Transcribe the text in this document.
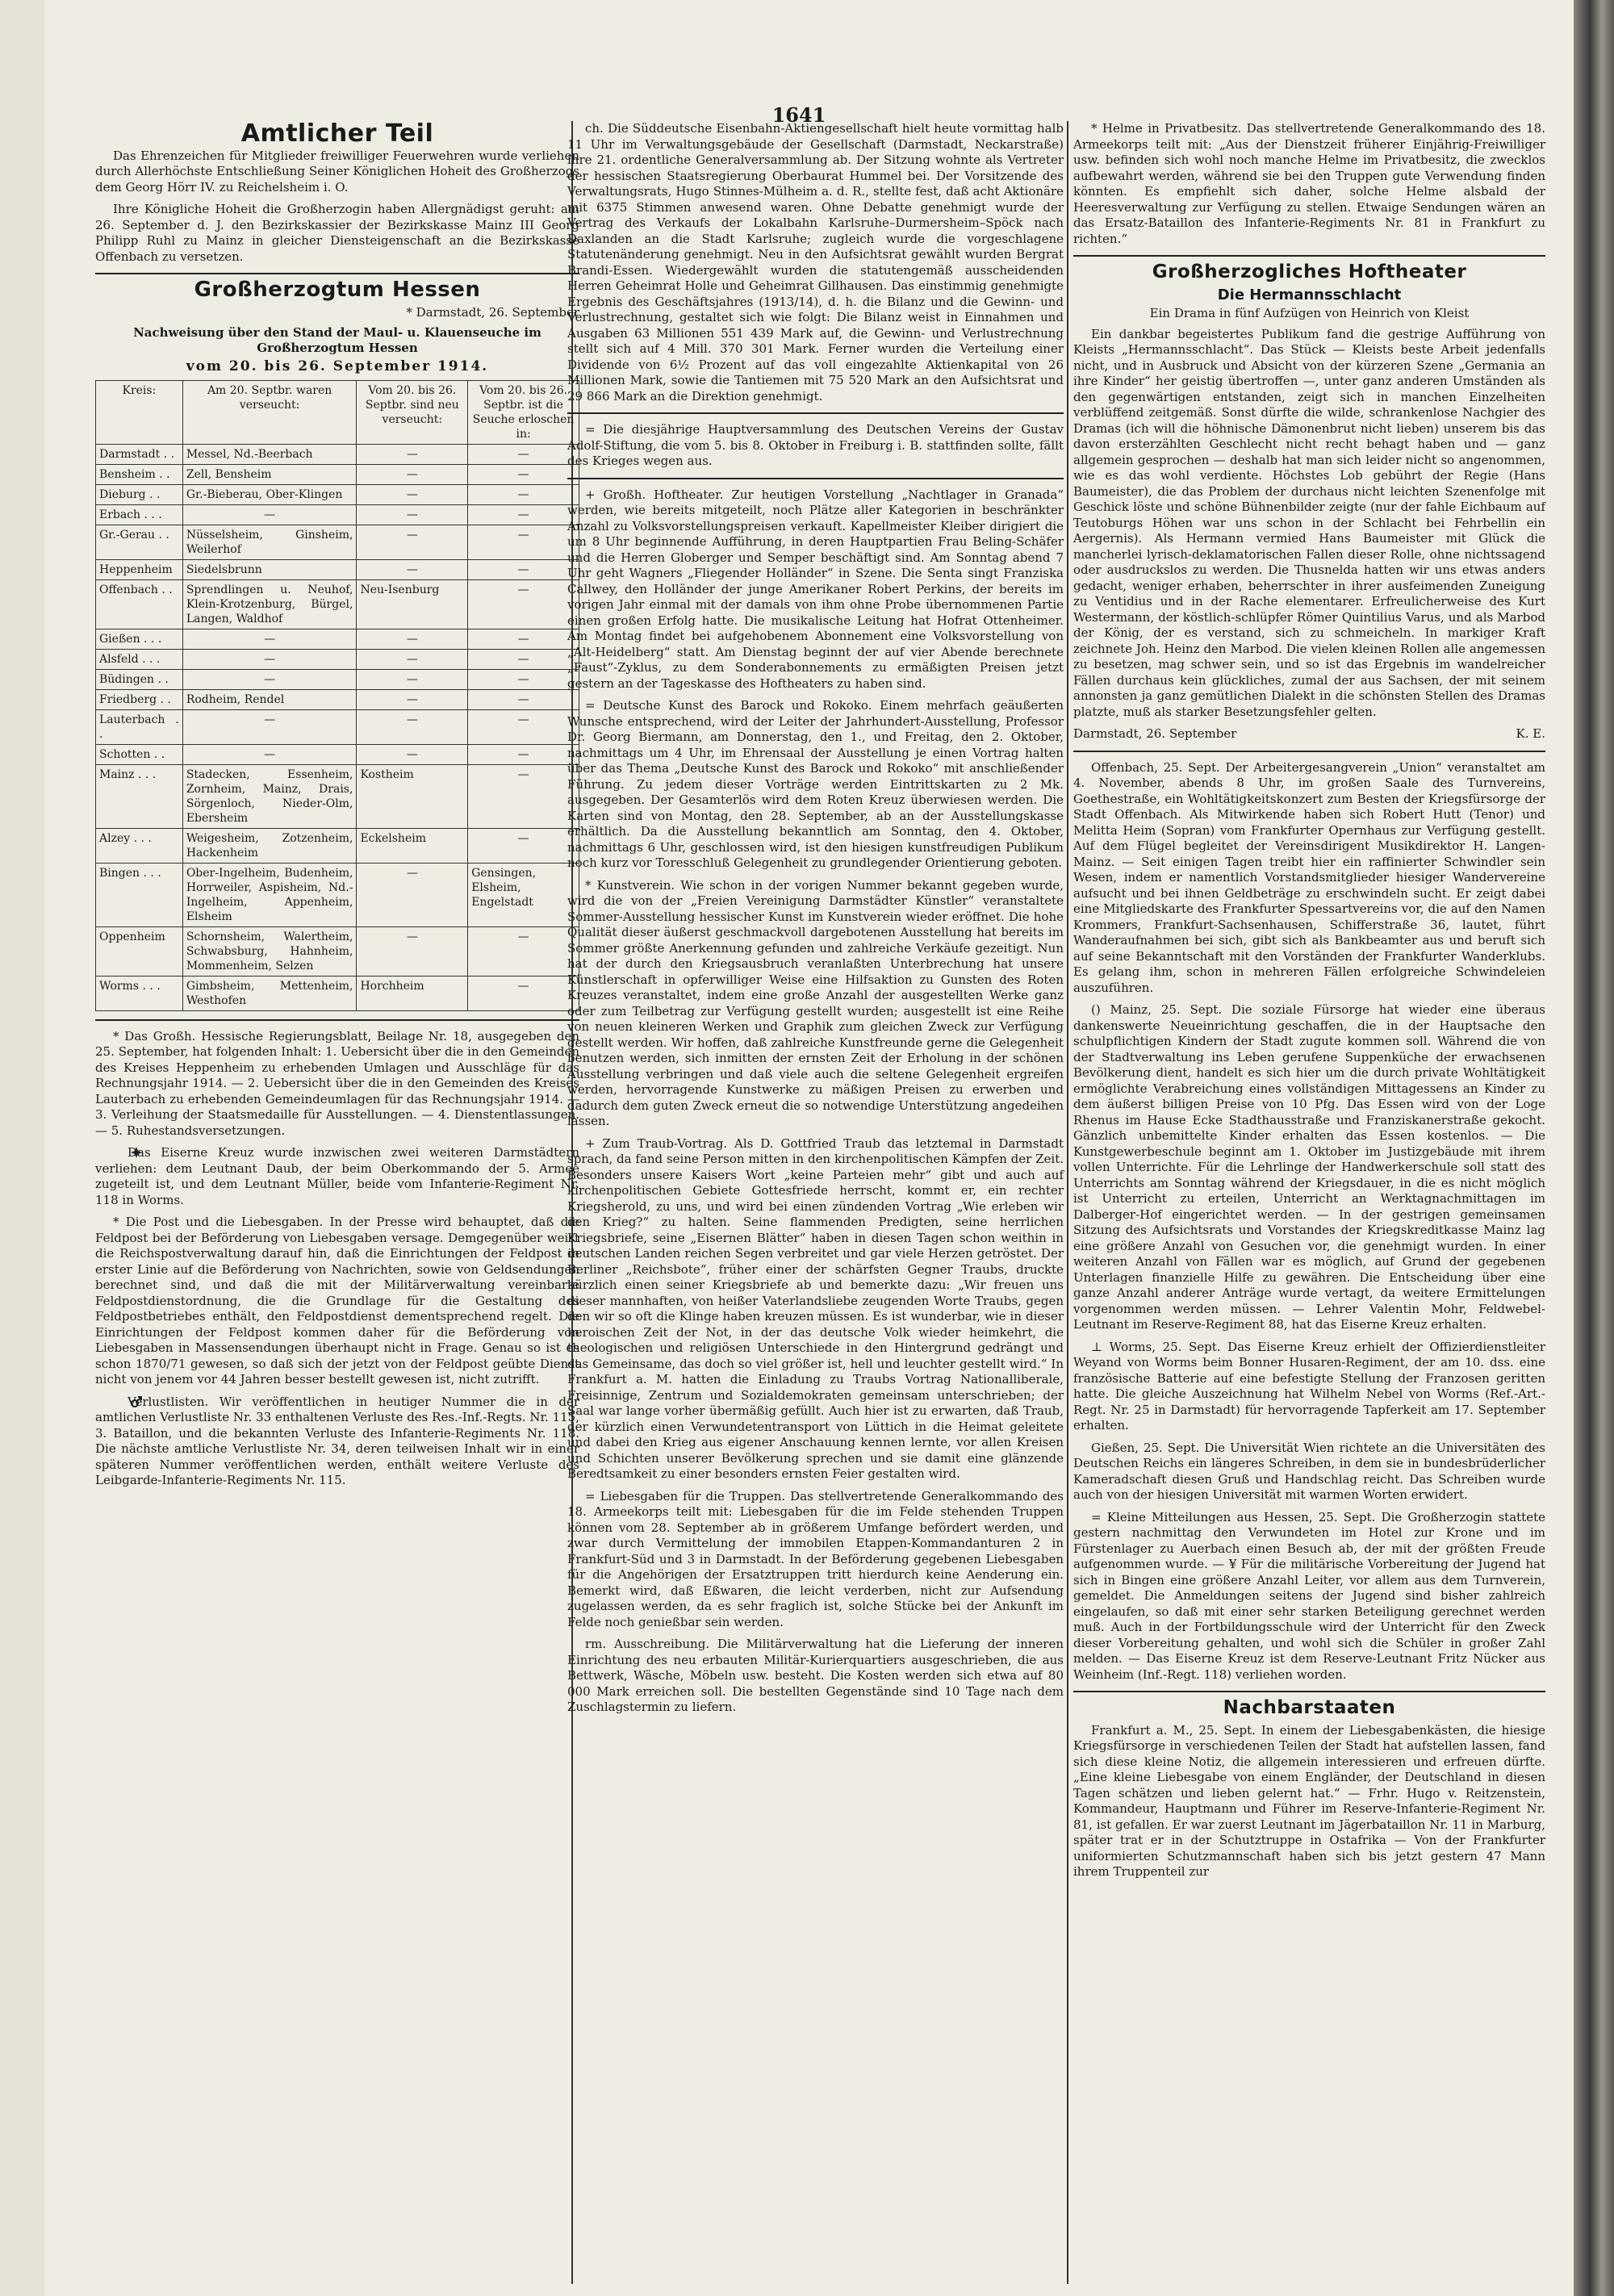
1641
Amtlicher Teil

Das Ehrenzeichen für Mitglieder freiwilliger Feuerwehren wurde verliehen durch Allerhöchste Entschließung Seiner Königlichen Hoheit des Großherzogs dem Georg Hörr IV. zu Reichelsheim i. O.

Ihre Königliche Hoheit die Großherzogin haben Allergnädigst geruht: am 26. September d. J. den Bezirkskassier der Bezirkskasse Mainz III Georg Philipp Ruhl zu Mainz in gleicher Diensteigenschaft an die Bezirkskasse Offenbach zu versetzen.

Großherzogtum Hessen
* Darmstadt, 26. September
Nachweisung über den Stand der Maul- u. Klauenseuche im Großherzogtum Hessen
vom 20. bis 26. September 1914.
Kreis:	Am 20. Septbr. waren verseucht:	Vom 20. bis 26. Septbr. sind neu verseucht:	Vom 20. bis 26. Septbr. ist die Seuche erloschen in:
Darmstadt . .	Messel, Nd.-Beerbach	—	—
Bensheim . .	Zell, Bensheim	—	—
Dieburg . .	Gr.-Bieberau, Ober-Klingen	—	—
Erbach . . .	—	—	—
Gr.-Gerau . .	Nüsselsheim, Ginsheim, Weilerhof	—	—
Heppenheim	Siedelsbrunn	—	—
Offenbach . .	Sprendlingen u. Neuhof, Klein-Krotzenburg, Bürgel, Langen, Waldhof	Neu-Isenburg	—
Gießen . . .	—	—	—
Alsfeld . . .	—	—	—
Büdingen . .	—	—	—
Friedberg . .	Rodheim, Rendel	—	—
Lauterbach . .	—	—	—
Schotten . .	—	—	—
Mainz . . .	Stadecken, Essenheim, Zornheim, Mainz, Drais, Sörgenloch, Nieder-Olm, Ebersheim	Kostheim	—
Alzey . . .	Weigesheim, Zotzenheim, Hackenheim	Eckelsheim	—
Bingen . . .	Ober-Ingelheim, Budenheim, Horrweiler, Aspisheim, Nd.-Ingelheim, Appenheim, Elsheim	—	Gensingen, Elsheim, Engelstadt
Oppenheim	Schornsheim, Walertheim, Schwabsburg, Hahnheim, Mommenheim, Selzen	—	—
Worms . . .	Gimbsheim, Mettenheim, Westhofen	Horchheim	—

* Das Großh. Hessische Regierungsblatt, Beilage Nr. 18, ausgegeben den 25. September, hat folgenden Inhalt: 1. Uebersicht über die in den Gemeinden des Kreises Heppenheim zu erhebenden Umlagen und Ausschläge für das Rechnungsjahr 1914. — 2. Uebersicht über die in den Gemeinden des Kreises Lauterbach zu erhebenden Gemeindeumlagen für das Rechnungsjahr 1914. — 3. Verleihung der Staatsmedaille für Ausstellungen. — 4. Dienstentlassungen. — 5. Ruhestandsversetzungen.

Das Eiserne Kreuz wurde inzwischen zwei weiteren Darmstädtern verliehen: dem Leutnant Daub, der beim Oberkommando der 5. Armee zugeteilt ist, und dem Leutnant Müller, beide vom Infanterie-Regiment Nr. 118 in Worms.

* Die Post und die Liebesgaben. In der Presse wird behauptet, daß die Feldpost bei der Beförderung von Liebesgaben versage. Demgegenüber weist die Reichspostverwaltung darauf hin, daß die Einrichtungen der Feldpost in erster Linie auf die Beförderung von Nachrichten, sowie von Geldsendungen berechnet sind, und daß die mit der Militärverwaltung vereinbarte Feldpostdienstordnung, die die Grundlage für die Gestaltung des Feldpostbetriebes enthält, den Feldpostdienst dementsprechend regelt. Die Einrichtungen der Feldpost kommen daher für die Beförderung von Liebesgaben in Massensendungen überhaupt nicht in Frage. Genau so ist es schon 1870/71 gewesen, so daß sich der jetzt von der Feldpost geübte Dienst nicht von jenem vor 44 Jahren besser bestellt gewesen ist, nicht zutrifft.

Verlustlisten. Wir veröffentlichen in heutiger Nummer die in der amtlichen Verlustliste Nr. 33 enthaltenen Verluste des Res.-Inf.-Regts. Nr. 115, 3. Bataillon, und die bekannten Verluste des Infanterie-Regiments Nr. 118. Die nächste amtliche Verlustliste Nr. 34, deren teilweisen Inhalt wir in einer späteren Nummer veröffentlichen werden, enthält weitere Verluste des Leibgarde-Infanterie-Regiments Nr. 115.

ch. Die Süddeutsche Eisenbahn-Aktiengesellschaft hielt heute vormittag halb 11 Uhr im Verwaltungsgebäude der Gesellschaft (Darmstadt, Neckarstraße) ihre 21. ordentliche Generalversammlung ab. Der Sitzung wohnte als Vertreter der hessischen Staatsregierung Oberbaurat Hummel bei. Der Vorsitzende des Verwaltungsrats, Hugo Stinnes-Mülheim a. d. R., stellte fest, daß acht Aktionäre mit 6375 Stimmen anwesend waren. Ohne Debatte genehmigt wurde der Vertrag des Verkaufs der Lokalbahn Karlsruhe–Durmersheim–Spöck nach Daxlanden an die Stadt Karlsruhe; zugleich wurde die vorgeschlagene Statutenänderung genehmigt. Neu in den Aufsichtsrat gewählt wurden Bergrat Brandi-Essen. Wiedergewählt wurden die statutengemäß ausscheidenden Herren Geheimrat Holle und Geheimrat Gillhausen. Das einstimmig genehmigte Ergebnis des Geschäftsjahres (1913/14), d. h. die Bilanz und die Gewinn- und Verlustrechnung, gestaltet sich wie folgt: Die Bilanz weist in Einnahmen und Ausgaben 63 Millionen 551 439 Mark auf, die Gewinn- und Verlustrechnung stellt sich auf 4 Mill. 370 301 Mark. Ferner wurden die Verteilung einer Dividende von 6½ Prozent auf das voll eingezahlte Aktienkapital von 26 Millionen Mark, sowie die Tantiemen mit 75 520 Mark an den Aufsichtsrat und 29 866 Mark an die Direktion genehmigt.

= Die diesjährige Hauptversammlung des Deutschen Vereins der Gustav Adolf-Stiftung, die vom 5. bis 8. Oktober in Freiburg i. B. stattfinden sollte, fällt des Krieges wegen aus.

+ Großh. Hoftheater. Zur heutigen Vorstellung „Nachtlager in Granada“ werden, wie bereits mitgeteilt, noch Plätze aller Kategorien in beschränkter Anzahl zu Volksvorstellungspreisen verkauft. Kapellmeister Kleiber dirigiert die um 8 Uhr beginnende Aufführung, in deren Hauptpartien Frau Beling-Schäfer und die Herren Globerger und Semper beschäftigt sind. Am Sonntag abend 7 Uhr geht Wagners „Fliegender Holländer“ in Szene. Die Senta singt Franziska Callwey, den Holländer der junge Amerikaner Robert Perkins, der bereits im vorigen Jahr einmal mit der damals von ihm ohne Probe übernommenen Partie einen großen Erfolg hatte. Die musikalische Leitung hat Hofrat Ottenheimer. Am Montag findet bei aufgehobenem Abonnement eine Volksvorstellung von „Alt-Heidelberg“ statt. Am Dienstag beginnt der auf vier Abende berechnete „Faust“-Zyklus, zu dem Sonderabonnements zu ermäßigten Preisen jetzt gestern an der Tageskasse des Hoftheaters zu haben sind.

= Deutsche Kunst des Barock und Rokoko. Einem mehrfach geäußerten Wunsche entsprechend, wird der Leiter der Jahrhundert-Ausstellung, Professor Dr. Georg Biermann, am Donnerstag, den 1., und Freitag, den 2. Oktober, nachmittags um 4 Uhr, im Ehrensaal der Ausstellung je einen Vortrag halten über das Thema „Deutsche Kunst des Barock und Rokoko“ mit anschließender Führung. Zu jedem dieser Vorträge werden Eintrittskarten zu 2 Mk. ausgegeben. Der Gesamterlös wird dem Roten Kreuz überwiesen werden. Die Karten sind von Montag, den 28. September, ab an der Ausstellungskasse erhältlich. Da die Ausstellung bekanntlich am Sonntag, den 4. Oktober, nachmittags 6 Uhr, geschlossen wird, ist den hiesigen kunstfreudigen Publikum noch kurz vor Toresschluß Gelegenheit zu grundlegender Orientierung geboten.

* Kunstverein. Wie schon in der vorigen Nummer bekannt gegeben wurde, wird die von der „Freien Vereinigung Darmstädter Künstler“ veranstaltete Sommer-Ausstellung hessischer Kunst im Kunstverein wieder eröffnet. Die hohe Qualität dieser äußerst geschmackvoll dargebotenen Ausstellung hat bereits im Sommer größte Anerkennung gefunden und zahlreiche Verkäufe gezeitigt. Nun hat der durch den Kriegsausbruch veranlaßten Unterbrechung hat unsere Künstlerschaft in opferwilliger Weise eine Hilfsaktion zu Gunsten des Roten Kreuzes veranstaltet, indem eine große Anzahl der ausgestellten Werke ganz oder zum Teilbetrag zur Verfügung gestellt wurden; ausgestellt ist eine Reihe von neuen kleineren Werken und Graphik zum gleichen Zweck zur Verfügung gestellt werden. Wir hoffen, daß zahlreiche Kunstfreunde gerne die Gelegenheit benutzen werden, sich inmitten der ernsten Zeit der Erholung in der schönen Ausstellung verbringen und daß viele auch die seltene Gelegenheit ergreifen werden, hervorragende Kunstwerke zu mäßigen Preisen zu erwerben und dadurch dem guten Zweck erneut die so notwendige Unterstützung angedeihen lassen.

+ Zum Traub-Vortrag. Als D. Gottfried Traub das letztemal in Darmstadt sprach, da fand seine Person mitten in den kirchenpolitischen Kämpfen der Zeit. Besonders unsere Kaisers Wort „keine Parteien mehr“ gibt und auch auf kirchenpolitischen Gebiete Gottesfriede herrscht, kommt er, ein rechter Kriegsherold, zu uns, und wird bei einen zündenden Vortrag „Wie erleben wir den Krieg?“ zu halten. Seine flammenden Predigten, seine herrlichen Kriegsbriefe, seine „Eisernen Blätter“ haben in diesen Tagen schon weithin in deutschen Landen reichen Segen verbreitet und gar viele Herzen getröstet. Der Berliner „Reichsbote“, früher einer der schärfsten Gegner Traubs, druckte kürzlich einen seiner Kriegsbriefe ab und bemerkte dazu: „Wir freuen uns dieser mannhaften, von heißer Vaterlandsliebe zeugenden Worte Traubs, gegen den wir so oft die Klinge haben kreuzen müssen. Es ist wunderbar, wie in dieser heroischen Zeit der Not, in der das deutsche Volk wieder heimkehrt, die theologischen und religiösen Unterschiede in den Hintergrund gedrängt und das Gemeinsame, das doch so viel größer ist, hell und leuchter gestellt wird.“ In Frankfurt a. M. hatten die Einladung zu Traubs Vortrag Nationalliberale, Freisinnige, Zentrum und Sozialdemokraten gemeinsam unterschrieben; der Saal war lange vorher übermäßig gefüllt. Auch hier ist zu erwarten, daß Traub, der kürzlich einen Verwundetentransport von Lüttich in die Heimat geleitete und dabei den Krieg aus eigener Anschauung kennen lernte, vor allen Kreisen und Schichten unserer Bevölkerung sprechen und sie damit eine glänzende Beredtsamkeit zu einer besonders ernsten Feier gestalten wird.

= Liebesgaben für die Truppen. Das stellvertretende Generalkommando des 18. Armeekorps teilt mit: Liebesgaben für die im Felde stehenden Truppen können vom 28. September ab in größerem Umfange befördert werden, und zwar durch Vermittelung der immobilen Etappen-Kommandanturen 2 in Frankfurt-Süd und 3 in Darmstadt. In der Beförderung gegebenen Liebesgaben für die Angehörigen der Ersatztruppen tritt hierdurch keine Aenderung ein. Bemerkt wird, daß Eßwaren, die leicht verderben, nicht zur Aufsendung zugelassen werden, da es sehr fraglich ist, solche Stücke bei der Ankunft im Felde noch genießbar sein werden.

rm. Ausschreibung. Die Militärverwaltung hat die Lieferung der inneren Einrichtung des neu erbauten Militär-Kurierquartiers ausgeschrieben, die aus Bettwerk, Wäsche, Möbeln usw. besteht. Die Kosten werden sich etwa auf 80 000 Mark erreichen soll. Die bestellten Gegenstände sind 10 Tage nach dem Zuschlagstermin zu liefern.

* Helme in Privatbesitz. Das stellvertretende Generalkommando des 18. Armeekorps teilt mit: „Aus der Dienstzeit früherer Einjährig-Freiwilliger usw. befinden sich wohl noch manche Helme im Privatbesitz, die zwecklos aufbewahrt werden, während sie bei den Truppen gute Verwendung finden könnten. Es empfiehlt sich daher, solche Helme alsbald der Heeresverwaltung zur Verfügung zu stellen. Etwaige Sendungen wären an das Ersatz-Bataillon des Infanterie-Regiments Nr. 81 in Frankfurt zu richten.“

Großherzogliches Hoftheater
Die Hermannsschlacht
Ein Drama in fünf Aufzügen von Heinrich von Kleist

Ein dankbar begeistertes Publikum fand die gestrige Aufführung von Kleists „Hermannsschlacht“. Das Stück — Kleists beste Arbeit jedenfalls nicht, und in Ausbruck und Absicht von der kürzeren Szene „Germania an ihre Kinder“ her geistig übertroffen —, unter ganz anderen Umständen als den gegenwärtigen entstanden, zeigt sich in manchen Einzelheiten verblüffend zeitgemäß. Sonst dürfte die wilde, schrankenlose Nachgier des Dramas (ich will die höhnische Dämonenbrut nicht lieben) unserem bis das davon ersterzählten Geschlecht nicht recht behagt haben und — ganz allgemein gesprochen — deshalb hat man sich leider nicht so angenommen, wie es das wohl verdiente. Höchstes Lob gebührt der Regie (Hans Baumeister), die das Problem der durchaus nicht leichten Szenenfolge mit Geschick löste und schöne Bühnenbilder zeigte (nur der fahle Eichbaum auf Teutoburgs Höhen war uns schon in der Schlacht bei Fehrbellin ein Aergernis). Als Hermann vermied Hans Baumeister mit Glück die mancherlei lyrisch-deklamatorischen Fallen dieser Rolle, ohne nichtssagend oder ausdruckslos zu werden. Die Thusnelda hatten wir uns etwas anders gedacht, weniger erhaben, beherrschter in ihrer ausfeimenden Zuneigung zu Ventidius und in der Rache elementarer. Erfreulicherweise des Kurt Westermann, der köstlich-schlüpfer Römer Quintilius Varus, und als Marbod der König, der es verstand, sich zu schmeicheln. In markiger Kraft zeichnete Joh. Heinz den Marbod. Die vielen kleinen Rollen alle angemessen zu besetzen, mag schwer sein, und so ist das Ergebnis im wandelreicher Fällen durchaus kein glückliches, zumal der aus Sachsen, der mit seinem annonsten ja ganz gemütlichen Dialekt in die schönsten Stellen des Dramas platzte, muß als starker Besetzungsfehler gelten.

Darmstadt, 26. September	K. E.

Offenbach, 25. Sept. Der Arbeitergesangverein „Union“ veranstaltet am 4. November, abends 8 Uhr, im großen Saale des Turnvereins, Goethestraße, ein Wohltätigkeitskonzert zum Besten der Kriegsfürsorge der Stadt Offenbach. Als Mitwirkende haben sich Robert Hutt (Tenor) und Melitta Heim (Sopran) vom Frankfurter Opernhaus zur Verfügung gestellt. Auf dem Flügel begleitet der Vereinsdirigent Musikdirektor H. Langen-Mainz. — Seit einigen Tagen treibt hier ein raffinierter Schwindler sein Wesen, indem er namentlich Vorstandsmitglieder hiesiger Wandervereine aufsucht und bei ihnen Geldbeträge zu erschwindeln sucht. Er zeigt dabei eine Mitgliedskarte des Frankfurter Spessartvereins vor, die auf den Namen Krommers, Frankfurt-Sachsenhausen, Schifferstraße 36, lautet, führt Wanderaufnahmen bei sich, gibt sich als Bankbeamter aus und beruft sich auf seine Bekanntschaft mit den Vorständen der Frankfurter Wanderklubs. Es gelang ihm, schon in mehreren Fällen erfolgreiche Schwindeleien auszuführen.

() Mainz, 25. Sept. Die soziale Fürsorge hat wieder eine überaus dankenswerte Neueinrichtung geschaffen, die in der Hauptsache den schulpflichtigen Kindern der Stadt zugute kommen soll. Während die von der Stadtverwaltung ins Leben gerufene Suppenküche der erwachsenen Bevölkerung dient, handelt es sich hier um die durch private Wohltätigkeit ermöglichte Verabreichung eines vollständigen Mittagessens an Kinder zu dem äußerst billigen Preise von 10 Pfg. Das Essen wird von der Loge Rhenus im Hause Ecke Stadthausstraße und Franziskanerstraße gekocht. Gänzlich unbemittelte Kinder erhalten das Essen kostenlos. — Die Kunstgewerbeschule beginnt am 1. Oktober im Justizgebäude mit ihrem vollen Unterrichte. Für die Lehrlinge der Handwerkerschule soll statt des Unterrichts am Sonntag während der Kriegsdauer, in die es nicht möglich ist Unterricht zu erteilen, Unterricht an Werktagnachmittagen im Dalberger-Hof eingerichtet werden. — In der gestrigen gemeinsamen Sitzung des Aufsichtsrats und Vorstandes der Kriegskreditkasse Mainz lag eine größere Anzahl von Gesuchen vor, die genehmigt wurden. In einer weiteren Anzahl von Fällen war es möglich, auf Grund der gegebenen Unterlagen finanzielle Hilfe zu gewähren. Die Entscheidung über eine ganze Anzahl anderer Anträge wurde vertagt, da weitere Ermittelungen vorgenommen werden müssen. — Lehrer Valentin Mohr, Feldwebel-Leutnant im Reserve-Regiment 88, hat das Eiserne Kreuz erhalten.

⊥ Worms, 25. Sept. Das Eiserne Kreuz erhielt der Offizierdienstleiter Weyand von Worms beim Bonner Husaren-Regiment, der am 10. dss. eine französische Batterie auf eine befestigte Stellung der Franzosen geritten hatte. Die gleiche Auszeichnung hat Wilhelm Nebel von Worms (Ref.-Art.-Regt. Nr. 25 in Darmstadt) für hervorragende Tapferkeit am 17. September erhalten.

Gießen, 25. Sept. Die Universität Wien richtete an die Universitäten des Deutschen Reichs ein längeres Schreiben, in dem sie in bundesbrüderlicher Kameradschaft diesen Gruß und Handschlag reicht. Das Schreiben wurde auch von der hiesigen Universität mit warmen Worten erwidert.

= Kleine Mitteilungen aus Hessen, 25. Sept. Die Großherzogin stattete gestern nachmittag den Verwundeten im Hotel zur Krone und im Fürstenlager zu Auerbach einen Besuch ab, der mit der größten Freude aufgenommen wurde. — ¥ Für die militärische Vorbereitung der Jugend hat sich in Bingen eine größere Anzahl Leiter, vor allem aus dem Turnverein, gemeldet. Die Anmeldungen seitens der Jugend sind bisher zahlreich eingelaufen, so daß mit einer sehr starken Beteiligung gerechnet werden muß. Auch in der Fortbildungsschule wird der Unterricht für den Zweck dieser Vorbereitung gehalten, und wohl sich die Schüler in großer Zahl melden. — Das Eiserne Kreuz ist dem Reserve-Leutnant Fritz Nücker aus Weinheim (Inf.-Regt. 118) verliehen worden.

Nachbarstaaten

Frankfurt a. M., 25. Sept. In einem der Liebesgabenkästen, die hiesige Kriegsfürsorge in verschiedenen Teilen der Stadt hat aufstellen lassen, fand sich diese kleine Notiz, die allgemein interessieren und erfreuen dürfte. „Eine kleine Liebesgabe von einem Engländer, der Deutschland in diesen Tagen schätzen und lieben gelernt hat.“ — Frhr. Hugo v. Reitzenstein, Kommandeur, Hauptmann und Führer im Reserve-Infanterie-Regiment Nr. 81, ist gefallen. Er war zuerst Leutnant im Jägerbataillon Nr. 11 in Marburg, später trat er in der Schutztruppe in Ostafrika — Von der Frankfurter uniformierten Schutzmannschaft haben sich bis jetzt gestern 47 Mann ihrem Truppenteil zur
